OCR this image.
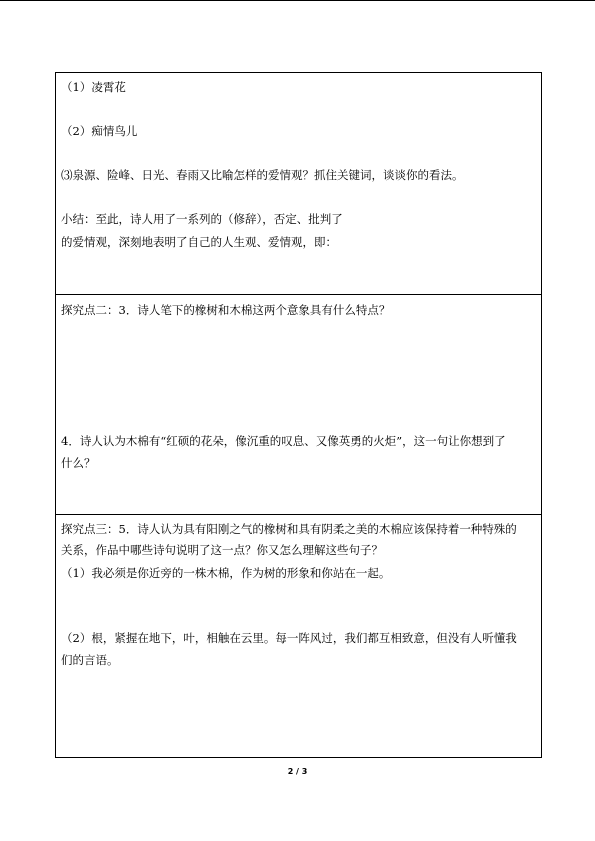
（1）凌霄花
（2）痴情鸟儿
⑶泉源、险峰、日光、春雨又比喻怎样的爱情观？抓住关键词，谈谈你的看法。
小结：至此，诗人用了一系列的（修辞），否定、批判了
的爱情观，深刻地表明了自己的人生观、爱情观，即：
探究点二：3．诗人笔下的橡树和木棉这两个意象具有什么特点？
4．诗人认为木棉有“红硕的花朵，像沉重的叹息、又像英勇的火炬”，这一句让你想到了
什么？
探究点三：5．诗人认为具有阳刚之气的橡树和具有阴柔之美的木棉应该保持着一种特殊的
关系，作品中哪些诗句说明了这一点？你又怎么理解这些句子？
（1）我必须是你近旁的一株木棉，作为树的形象和你站在一起。
（2）根，紧握在地下，叶，相触在云里。每一阵风过，我们都互相致意，但没有人听懂我
们的言语。
2 / 3
